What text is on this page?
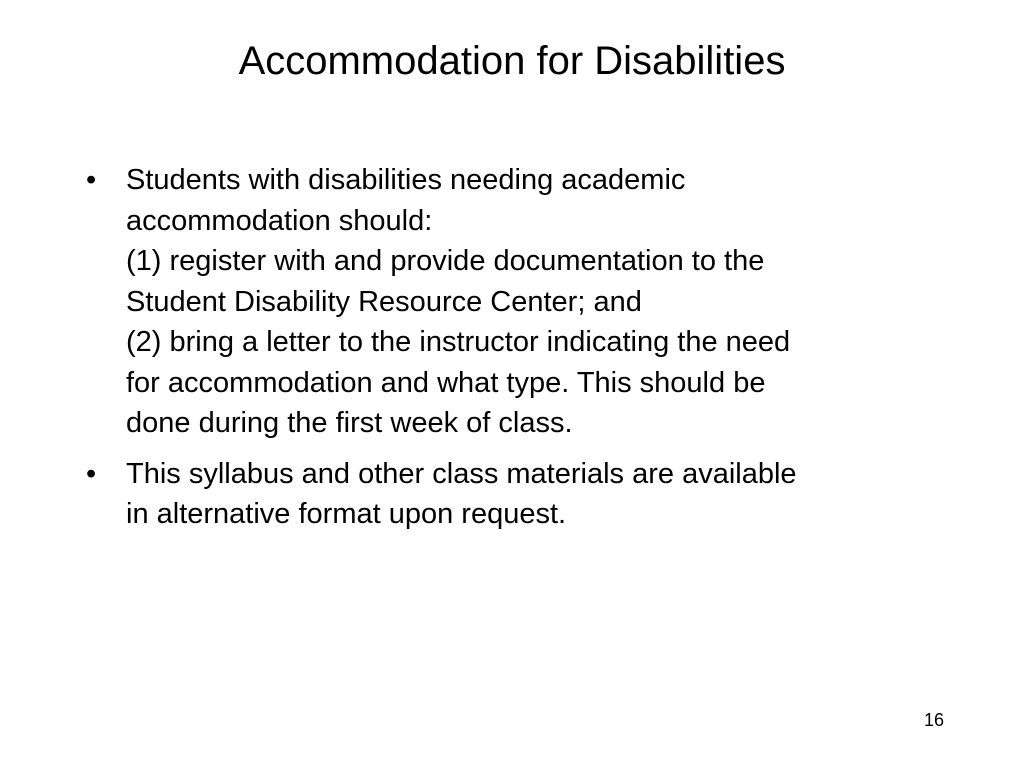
Accommodation for Disabilities
• Students with disabilities needing academic
accommodation should:
(1) register with and provide documentation to the
Student Disability Resource Center; and
(2) bring a letter to the instructor indicating the need
for accommodation and what type. This should be
done during the first week of class.
• This syllabus and other class materials are available
in alternative format upon request.
16
